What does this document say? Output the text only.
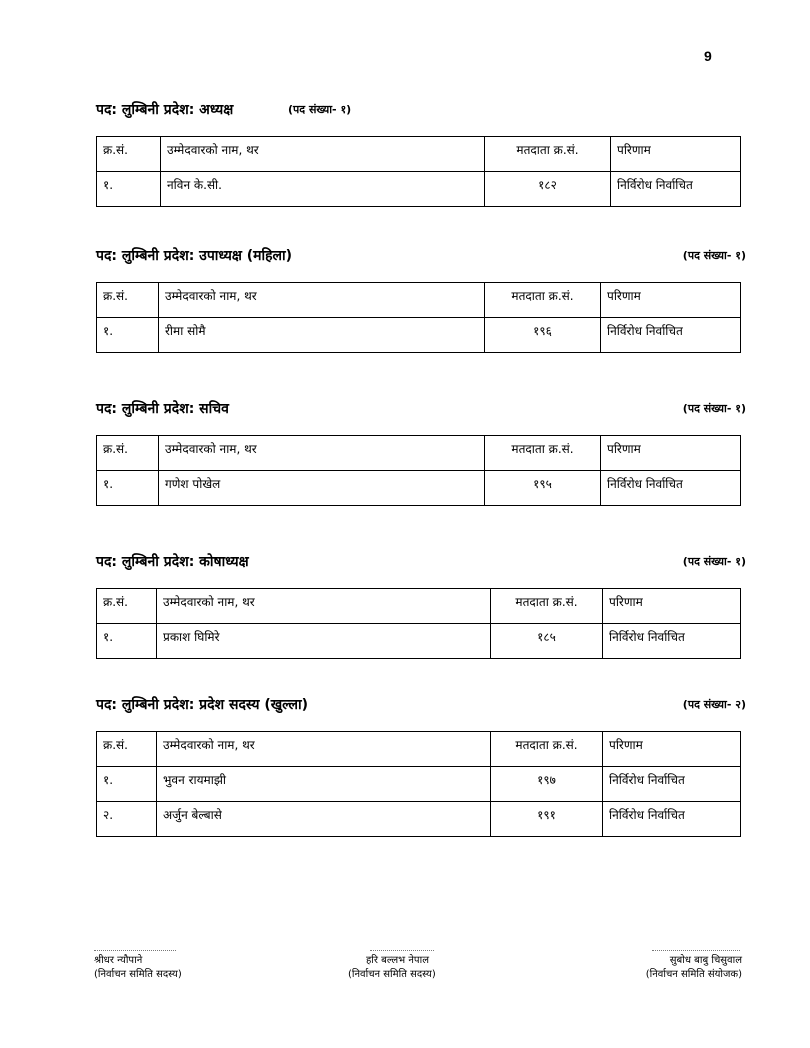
9
पद: लुम्बिनी प्रदेश: अध्यक्ष	(पद संख्या- १)
क्र.सं.	उम्मेदवारको नाम, थर	मतदाता क्र.सं.	परिणाम
१.	नविन के.सी.	१८२	निर्विरोध निर्वाचित
पद: लुम्बिनी प्रदेश: उपाध्यक्ष (महिला)	(पद संख्या- १)
क्र.सं.	उम्मेदवारको नाम, थर	मतदाता क्र.सं.	परिणाम
१.	रीमा सोमै	१९६	निर्विरोध निर्वाचित
पद: लुम्बिनी प्रदेश: सचिव	(पद संख्या- १)
क्र.सं.	उम्मेदवारको नाम, थर	मतदाता क्र.सं.	परिणाम
१.	गणेश पोखेल	१९५	निर्विरोध निर्वाचित
पद: लुम्बिनी प्रदेश: कोषाध्यक्ष	(पद संख्या- १)
क्र.सं.	उम्मेदवारको नाम, थर	मतदाता क्र.सं.	परिणाम
१.	प्रकाश घिमिरे	१८५	निर्विरोध निर्वाचित
पद: लुम्बिनी प्रदेश: प्रदेश सदस्य (खुल्ला)	(पद संख्या- २)
क्र.सं.	उम्मेदवारको नाम, थर	मतदाता क्र.सं.	परिणाम
१.	भुवन रायमाझी	१९७	निर्विरोध निर्वाचित
२.	अर्जुन बेल्बासे	१९१	निर्विरोध निर्वाचित
श्रीधर न्यौपाने
(निर्वाचन समिति सदस्य)
हरि बल्लभ नेपाल
(निर्वाचन समिति सदस्य)
सुबोध बाबु चिसुवाल
(निर्वाचन समिति संयोजक)
